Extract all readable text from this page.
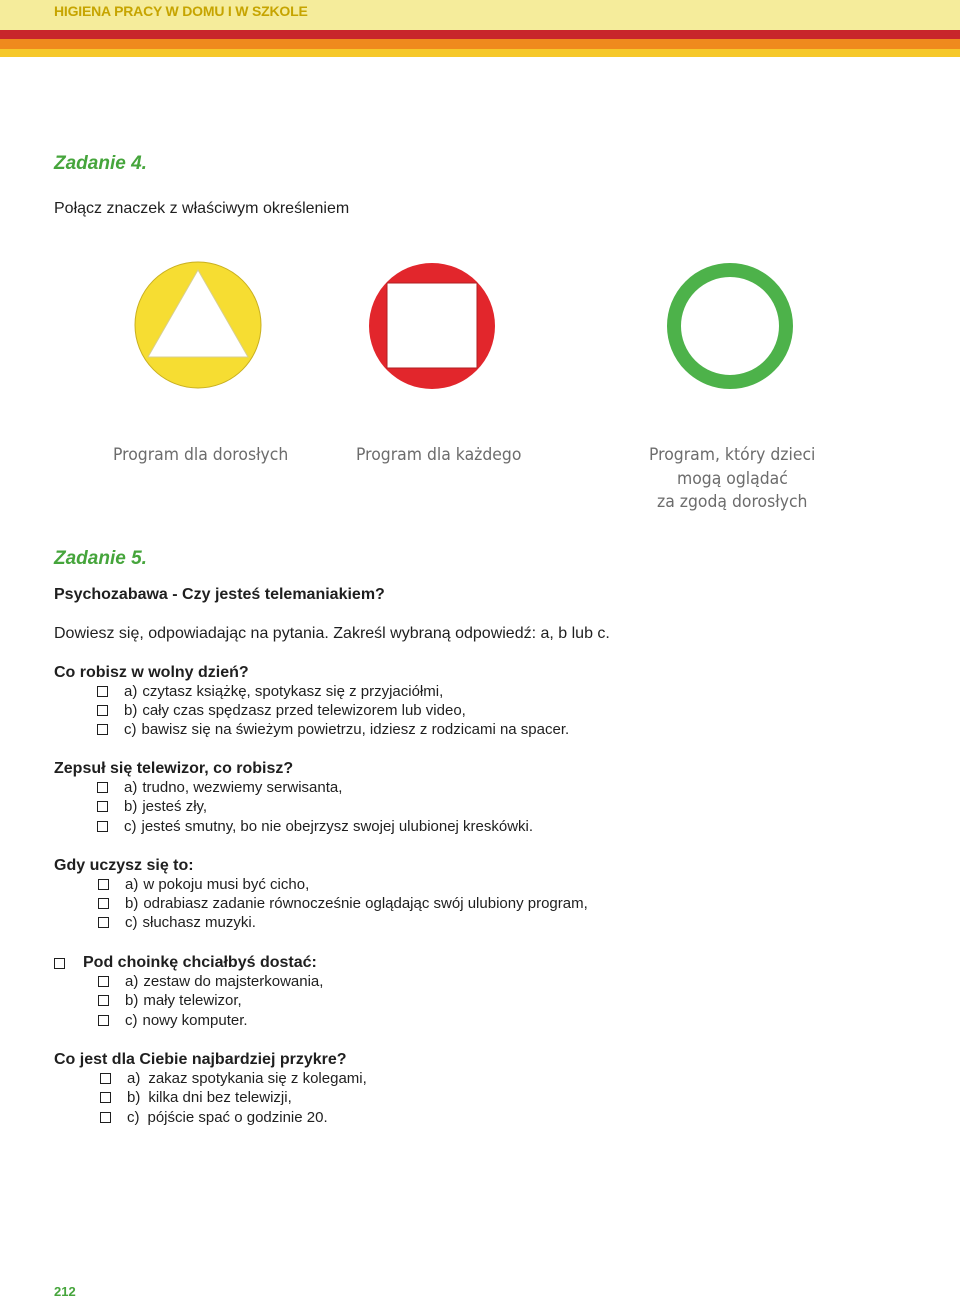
HIGIENA PRACY W DOMU I W SZKOLE
Zadanie 4.
Połącz znaczek z właściwym określeniem
Program dla dorosłych	Program dla każdego	Program, który dzieci
mogą oglądać
za zgodą dorosłych
Zadanie 5.
Psychozabawa - Czy jesteś telemaniakiem?
Dowiesz się, odpowiadając na pytania. Zakreśl wybraną odpowiedź: a, b lub c.
Co robisz w wolny dzień?
a) czytasz książkę, spotykasz się z przyjaciółmi,
b) cały czas spędzasz przed telewizorem lub video,
c) bawisz się na świeżym powietrzu, idziesz z rodzicami na spacer.
Zepsuł się telewizor, co robisz?
a) trudno, wezwiemy serwisanta,
b) jesteś zły,
c) jesteś smutny, bo nie obejrzysz swojej ulubionej kreskówki.
Gdy uczysz się to:
a) w pokoju musi być cicho,
b) odrabiasz zadanie równocześnie oglądając swój ulubiony program,
c) słuchasz muzyki.
Pod choinkę chciałbyś dostać:
a) zestaw do majsterkowania,
b) mały telewizor,
c) nowy komputer.
Co jest dla Ciebie najbardziej przykre?
a) zakaz spotykania się z kolegami,
b) kilka dni bez telewizji,
c) pójście spać o godzinie 20.
212
